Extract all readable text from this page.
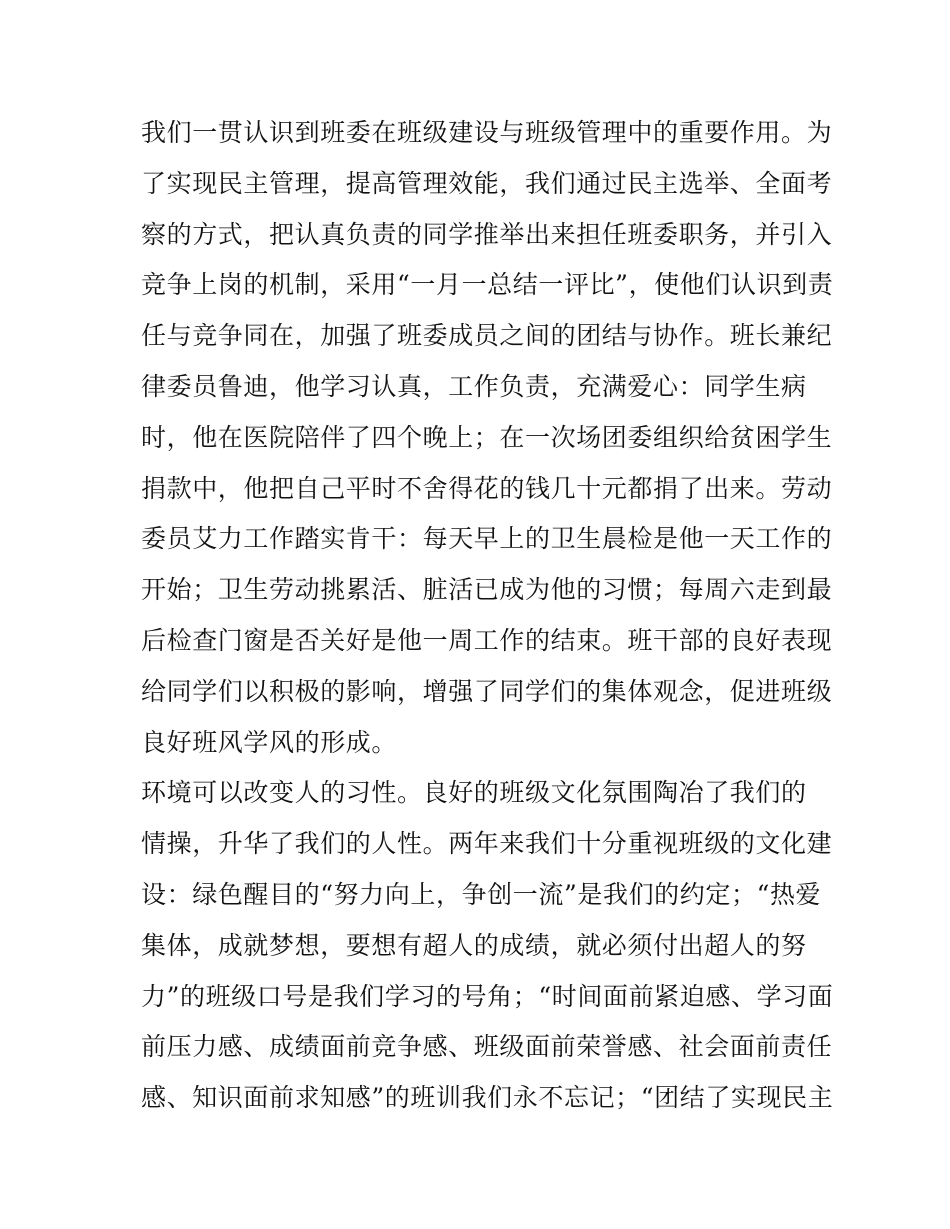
我们一贯认识到班委在班级建设与班级管理中的重要作用。为
了实现民主管理，提高管理效能，我们通过民主选举、全面考
察的方式，把认真负责的同学推举出来担任班委职务，并引入
竞争上岗的机制，采用“一月一总结一评比”，使他们认识到责
任与竞争同在，加强了班委成员之间的团结与协作。班长兼纪
律委员鲁迪，他学习认真，工作负责，充满爱心：同学生病
时，他在医院陪伴了四个晚上；在一次场团委组织给贫困学生
捐款中，他把自己平时不舍得花的钱几十元都捐了出来。劳动
委员艾力工作踏实肯干：每天早上的卫生晨检是他一天工作的
开始；卫生劳动挑累活、脏活已成为他的习惯；每周六走到最
后检查门窗是否关好是他一周工作的结束。班干部的良好表现
给同学们以积极的影响，增强了同学们的集体观念，促进班级
良好班风学风的形成。
环境可以改变人的习性。良好的班级文化氛围陶冶了我们的
情操，升华了我们的人性。两年来我们十分重视班级的文化建
设：绿色醒目的“努力向上，争创一流”是我们的约定；“热爱
集体，成就梦想，要想有超人的成绩，就必须付出超人的努
力”的班级口号是我们学习的号角；“时间面前紧迫感、学习面
前压力感、成绩面前竞争感、班级面前荣誉感、社会面前责任
感、知识面前求知感”的班训我们永不忘记；“团结了实现民主
